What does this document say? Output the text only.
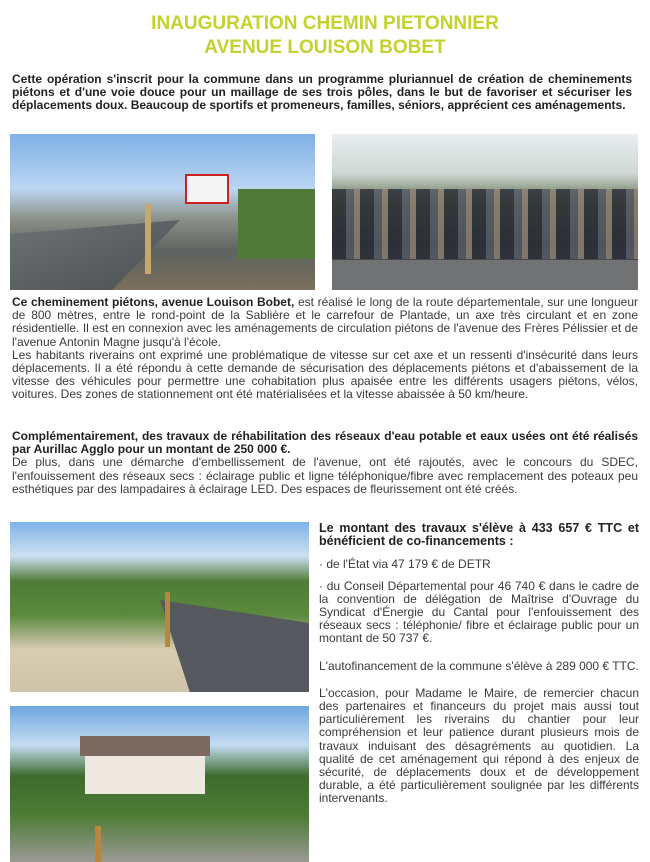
INAUGURATION CHEMIN PIETONNIER
AVENUE LOUISON BOBET
Cette opération s'inscrit pour la commune dans un programme pluriannuel de création de cheminements piétons et d'une voie douce pour un maillage de ses trois pôles, dans le but de favoriser et sécuriser les déplacements doux. Beaucoup de sportifs et promeneurs, familles, séniors, apprécient ces aménagements.
Ce cheminement piétons, avenue Louison Bobet, est réalisé le long de la route départementale, sur une longueur de 800 mètres, entre le rond-point de la Sablière et le carrefour de Plantade, un axe très circulant et en zone résidentielle. Il est en connexion avec les aménagements de circulation piétons de l'avenue des Frères Pélissier et de l'avenue Antonin Magne jusqu'à l'école.
Les habitants riverains ont exprimé une problématique de vitesse sur cet axe et un ressenti d'insécurité dans leurs déplacements. Il a été répondu à cette demande de sécurisation des déplacements piétons et d'abaissement de la vitesse des véhicules pour permettre une cohabitation plus apaisée entre les différents usagers piétons, vélos, voitures. Des zones de stationnement ont été matérialisées et la vitesse abaissée à 50 km/heure.
Complémentairement, des travaux de réhabilitation des réseaux d'eau potable et eaux usées ont été réalisés par Aurillac Agglo pour un montant de 250 000 €.
De plus, dans une démarche d'embellissement de l'avenue, ont été rajoutés, avec le concours du SDEC, l'enfouissement des réseaux secs : éclairage public et ligne téléphonique/fibre avec remplacement des poteaux peu esthétiques par des lampadaires à éclairage LED. Des espaces de fleurissement ont été créés.

Le montant des travaux s'élève à 433 657 € TTC et bénéficient de co-financements :

· de l'État via 47 179 € de DETR

· du Conseil Départemental pour 46 740 € dans le cadre de la convention de délégation de Maîtrise d'Ouvrage du Syndicat d'Énergie du Cantal pour l'enfouissement des réseaux secs : téléphonie/ fibre et éclairage public pour un montant de 50 737 €.

L'autofinancement de la commune s'élève à 289 000 € TTC.

L'occasion, pour Madame le Maire, de remercier chacun des partenaires et financeurs du projet mais aussi tout particulièrement les riverains du chantier pour leur compréhension et leur patience durant plusieurs mois de travaux induisant des désagréments au quotidien. La qualité de cet aménagement qui répond à des enjeux de sécurité, de déplacements doux et de développement durable, a été particulièrement soulignée par les différents intervenants.
